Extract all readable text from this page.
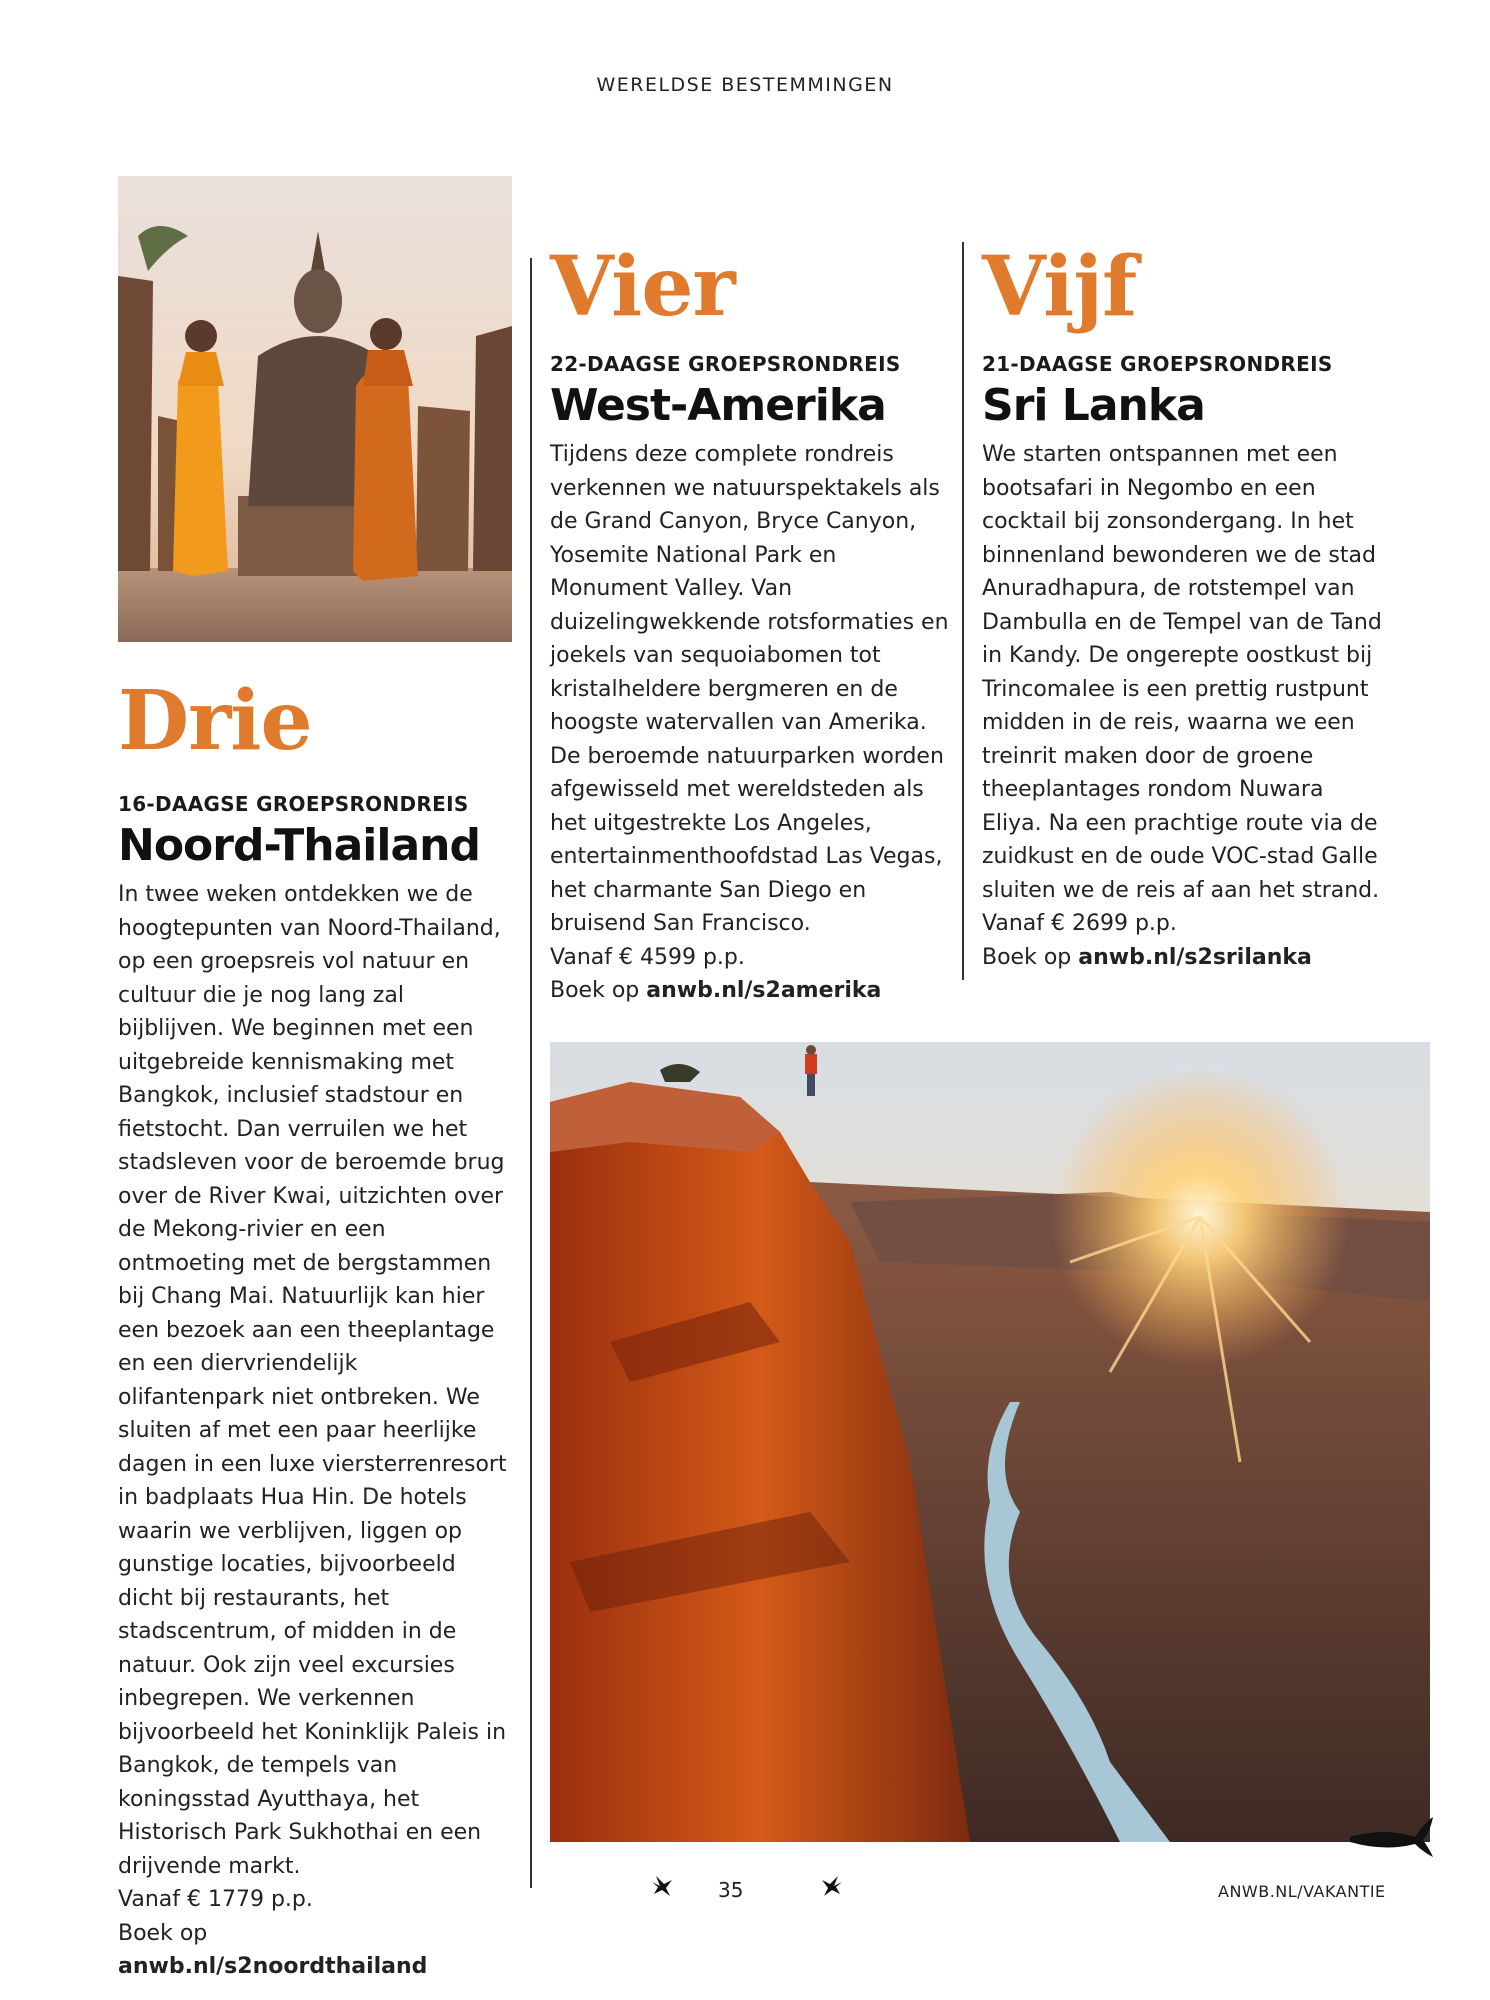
WERELDSE BESTEMMINGEN
Drie
16-DAAGSE GROEPSRONDREIS
Noord-Thailand

In twee weken ontdekken we de hoogtepunten van Noord-Thailand, op een groepsreis vol natuur en cultuur die je nog lang zal bijblijven. We beginnen met een uitgebreide kennismaking met Bangkok, inclusief stadstour en fietstocht. Dan verruilen we het stadsleven voor de beroemde brug over de River Kwai, uitzichten over de Mekong-rivier en een ontmoeting met de bergstammen bij Chang Mai. Natuurlijk kan hier een bezoek aan een theeplantage en een diervriendelijk olifantenpark niet ontbreken. We sluiten af met een paar heerlijke dagen in een luxe viersterrenresort in badplaats Hua Hin. De hotels waarin we verblijven, liggen op gunstige locaties, bijvoorbeeld dicht bij restaurants, het stadscentrum, of midden in de natuur. Ook zijn veel excursies inbegrepen. We verkennen bijvoorbeeld het Koninklijk Paleis in Bangkok, de tempels van koningsstad Ayutthaya, het Historisch Park Sukhothai en een drijvende markt.

Vanaf € 1779 p.p.
Boek op anwb.nl/s2noordthailand
Vier
22-DAAGSE GROEPSRONDREIS
West-Amerika

Tijdens deze complete rondreis verkennen we natuurspektakels als de Grand Canyon, Bryce Canyon, Yosemite National Park en Monument Valley. Van duizelingwekkende rotsformaties en joekels van sequoiabomen tot kristalheldere bergmeren en de hoogste watervallen van Amerika. De beroemde natuurparken worden afgewisseld met wereldsteden als het uitgestrekte Los Angeles, entertainmenthoofdstad Las Vegas, het charmante San Diego en bruisend San Francisco.

Vanaf € 4599 p.p.
Boek op anwb.nl/s2amerika
Vijf
21-DAAGSE GROEPSRONDREIS
Sri Lanka

We starten ontspannen met een bootsafari in Negombo en een cocktail bij zonsondergang. In het binnenland bewonderen we de stad Anuradhapura, de rotstempel van Dambulla en de Tempel van de Tand in Kandy. De ongerepte oostkust bij Trincomalee is een prettig rustpunt midden in de reis, waarna we een treinrit maken door de groene theeplantages rondom Nuwara Eliya. Na een prachtige route via de zuidkust en de oude VOC-stad Galle sluiten we de reis af aan het strand.

Vanaf € 2699 p.p.
Boek op anwb.nl/s2srilanka
35	ANWB.NL/VAKANTIE
